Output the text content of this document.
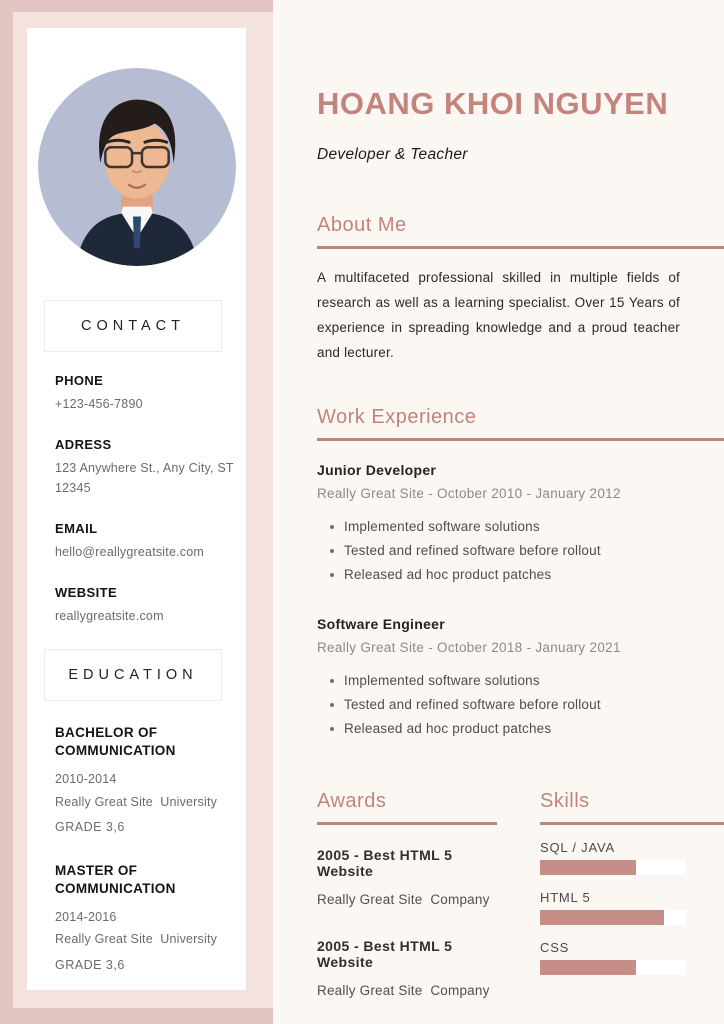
CONTACT
PHONE
+123-456-7890
ADRESS
123 Anywhere St., Any City, ST 12345
EMAIL
hello@reallygreatsite.com
WEBSITE
reallygreatsite.com
EDUCATION
BACHELOR OF COMMUNICATION
2010-2014
Really Great Site  University
GRADE 3,6
MASTER OF COMMUNICATION
2014-2016
Really Great Site  University
GRADE 3,6
HOANG KHOI NGUYEN
Developer & Teacher
About Me

A multifaceted professional skilled in multiple fields of research as well as a learning specialist. Over 15 Years of experience in spreading knowledge and a proud teacher and lecturer.

Work Experience
Junior Developer
Really Great Site - October 2010 - January 2012
Implemented software solutions
Tested and refined software before rollout
Released ad hoc product patches
Software Engineer
Really Great Site - October 2018 - January 2021
Implemented software solutions
Tested and refined software before rollout
Released ad hoc product patches
Awards
2005 - Best HTML 5 Website
Really Great Site  Company
2005 - Best HTML 5 Website
Really Great Site  Company
Skills
SQL / JAVA
HTML 5
CSS
